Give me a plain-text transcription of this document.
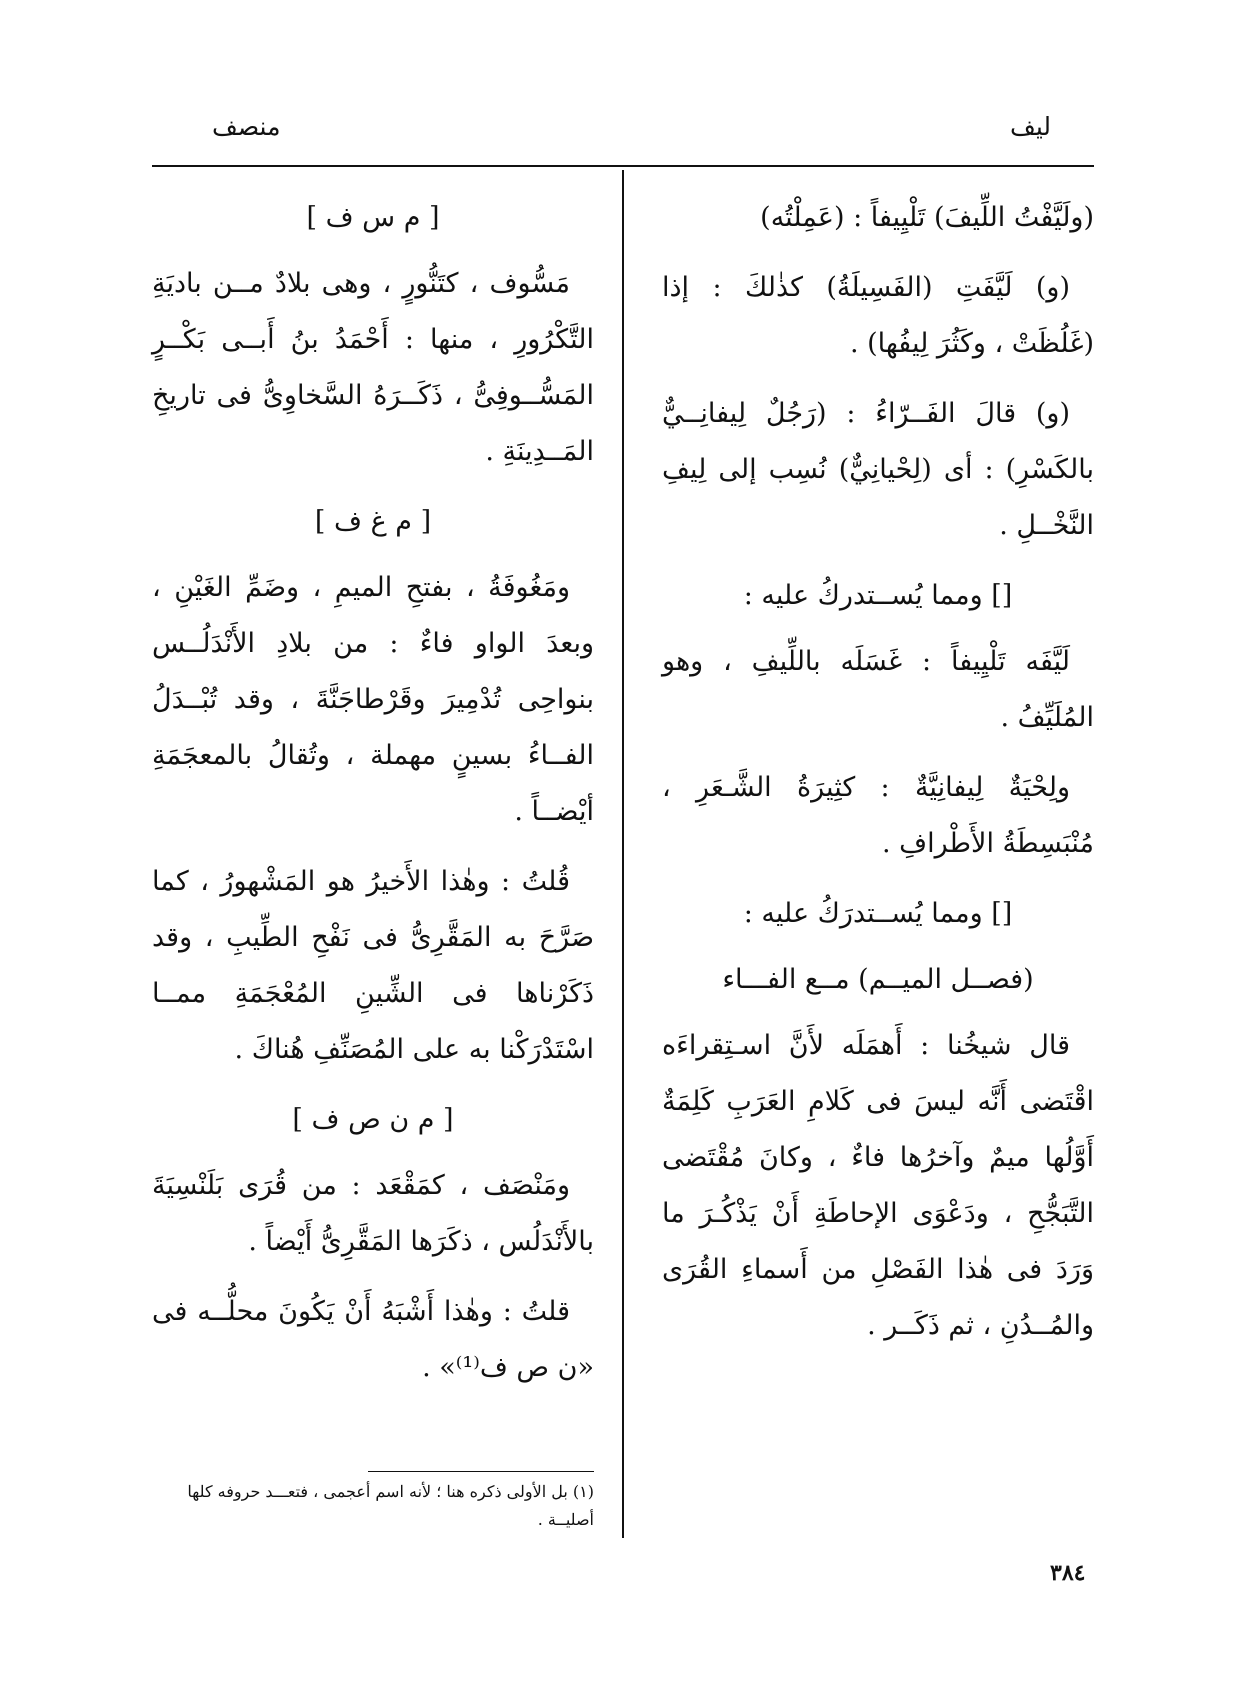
منصف	ليف

(ولَيَّفْتُ اللِّيفَ) تَلْيِيفاً : (عَمِلْتُه)

(و) لَيَّفَتِ (الفَسِيلَةُ) كذٰلكَ : إذا (غَلُظَتْ ، وكَثُرَ لِيفُها) .

(و) قالَ الفَــرّاءُ : (رَجُلٌ لِيفانِــيٌّ بالكَسْرِ) : أى (لِحْيانِيٌّ) نُسِب إلى لِيفِ النَّخْــلِ .

[] ومما يُســتدركُ عليه :

لَيَّفَه تَلْيِيفاً : غَسَلَه باللِّيفِ ، وهو المُلَيِّفُ .

ولِحْيَةٌ لِيفانِيَّةٌ : كثِيرَةُ الشَّـعَرِ ، مُنْبَسِطَةُ الأَطْرافِ .

[] ومما يُســتدرَكُ عليه :

(فصــل الميــم) مــع الفـــاء

قال شيخُنا : أَهمَلَه لأَنَّ اسـتِقراءَه اقْتَضى أَنَّه ليسَ فى كَلامِ العَرَبِ كَلِمَةٌ أَوَّلُها ميمٌ وآخرُها فاءٌ ، وكانَ مُقْتَضى التَّبَجُّحِ ، ودَعْوَى الإحاطَةِ أَنْ يَذْكُـرَ ما وَرَدَ فى هٰذا الفَصْلِ من أَسماءِ القُرَى والمُــدُنِ ، ثم ذَكَــر .

[ م س ف ]

مَسُّوف ، كتَنُّورٍ ، وهى بلادٌ مــن باديَةِ التَّكْرُورِ ، منها : أَحْمَدُ بنُ أَبــى بَكْــرٍ المَسُّــوفِىُّ ، ذَكَــرَهُ السَّخاوِىُّ فى تاريخِ المَــدِينَةِ .

[ م غ ف ]

ومَغُوفَةُ ، بفتحِ الميمِ ، وضَمِّ الغَيْنِ ، وبعدَ الواو فاءٌ : من بلادِ الأَنْدَلُــس بنواحِى تُدْمِيرَ وقَرْطاجَنَّةَ ، وقد تُبْــدَلُ الفــاءُ بسينٍ مهملة ، وتُقالُ بالمعجَمَةِ أيْضــاً .

قُلتُ : وهٰذا الأَخيرُ هو المَشْهورُ ، كما صَرَّحَ به المَقَّرِىُّ فى نَفْحِ الطِّيبِ ، وقد ذَكَرْناها فى الشِّينِ المُعْجَمَةِ ممــا اسْتَدْرَكْنا به على المُصَنِّفِ هُناكَ .

[ م ن ص ف ]

ومَنْصَف ، كمَقْعَد : من قُرَى بَلَنْسِيَةَ بالأَنْدَلُس ، ذكَرَها المَقَّرِىُّ أَيْضاً .

قلتُ : وهٰذا أَشْبَهُ أَنْ يَكُونَ محلُّــه فى «ن ص ف⁽¹⁾» .

(١) بل الأولى ذكره هنا ؛ لأنه اسم أعجمى ، فتعـــد حروفه كلها أصليــة .
٣٨٤
